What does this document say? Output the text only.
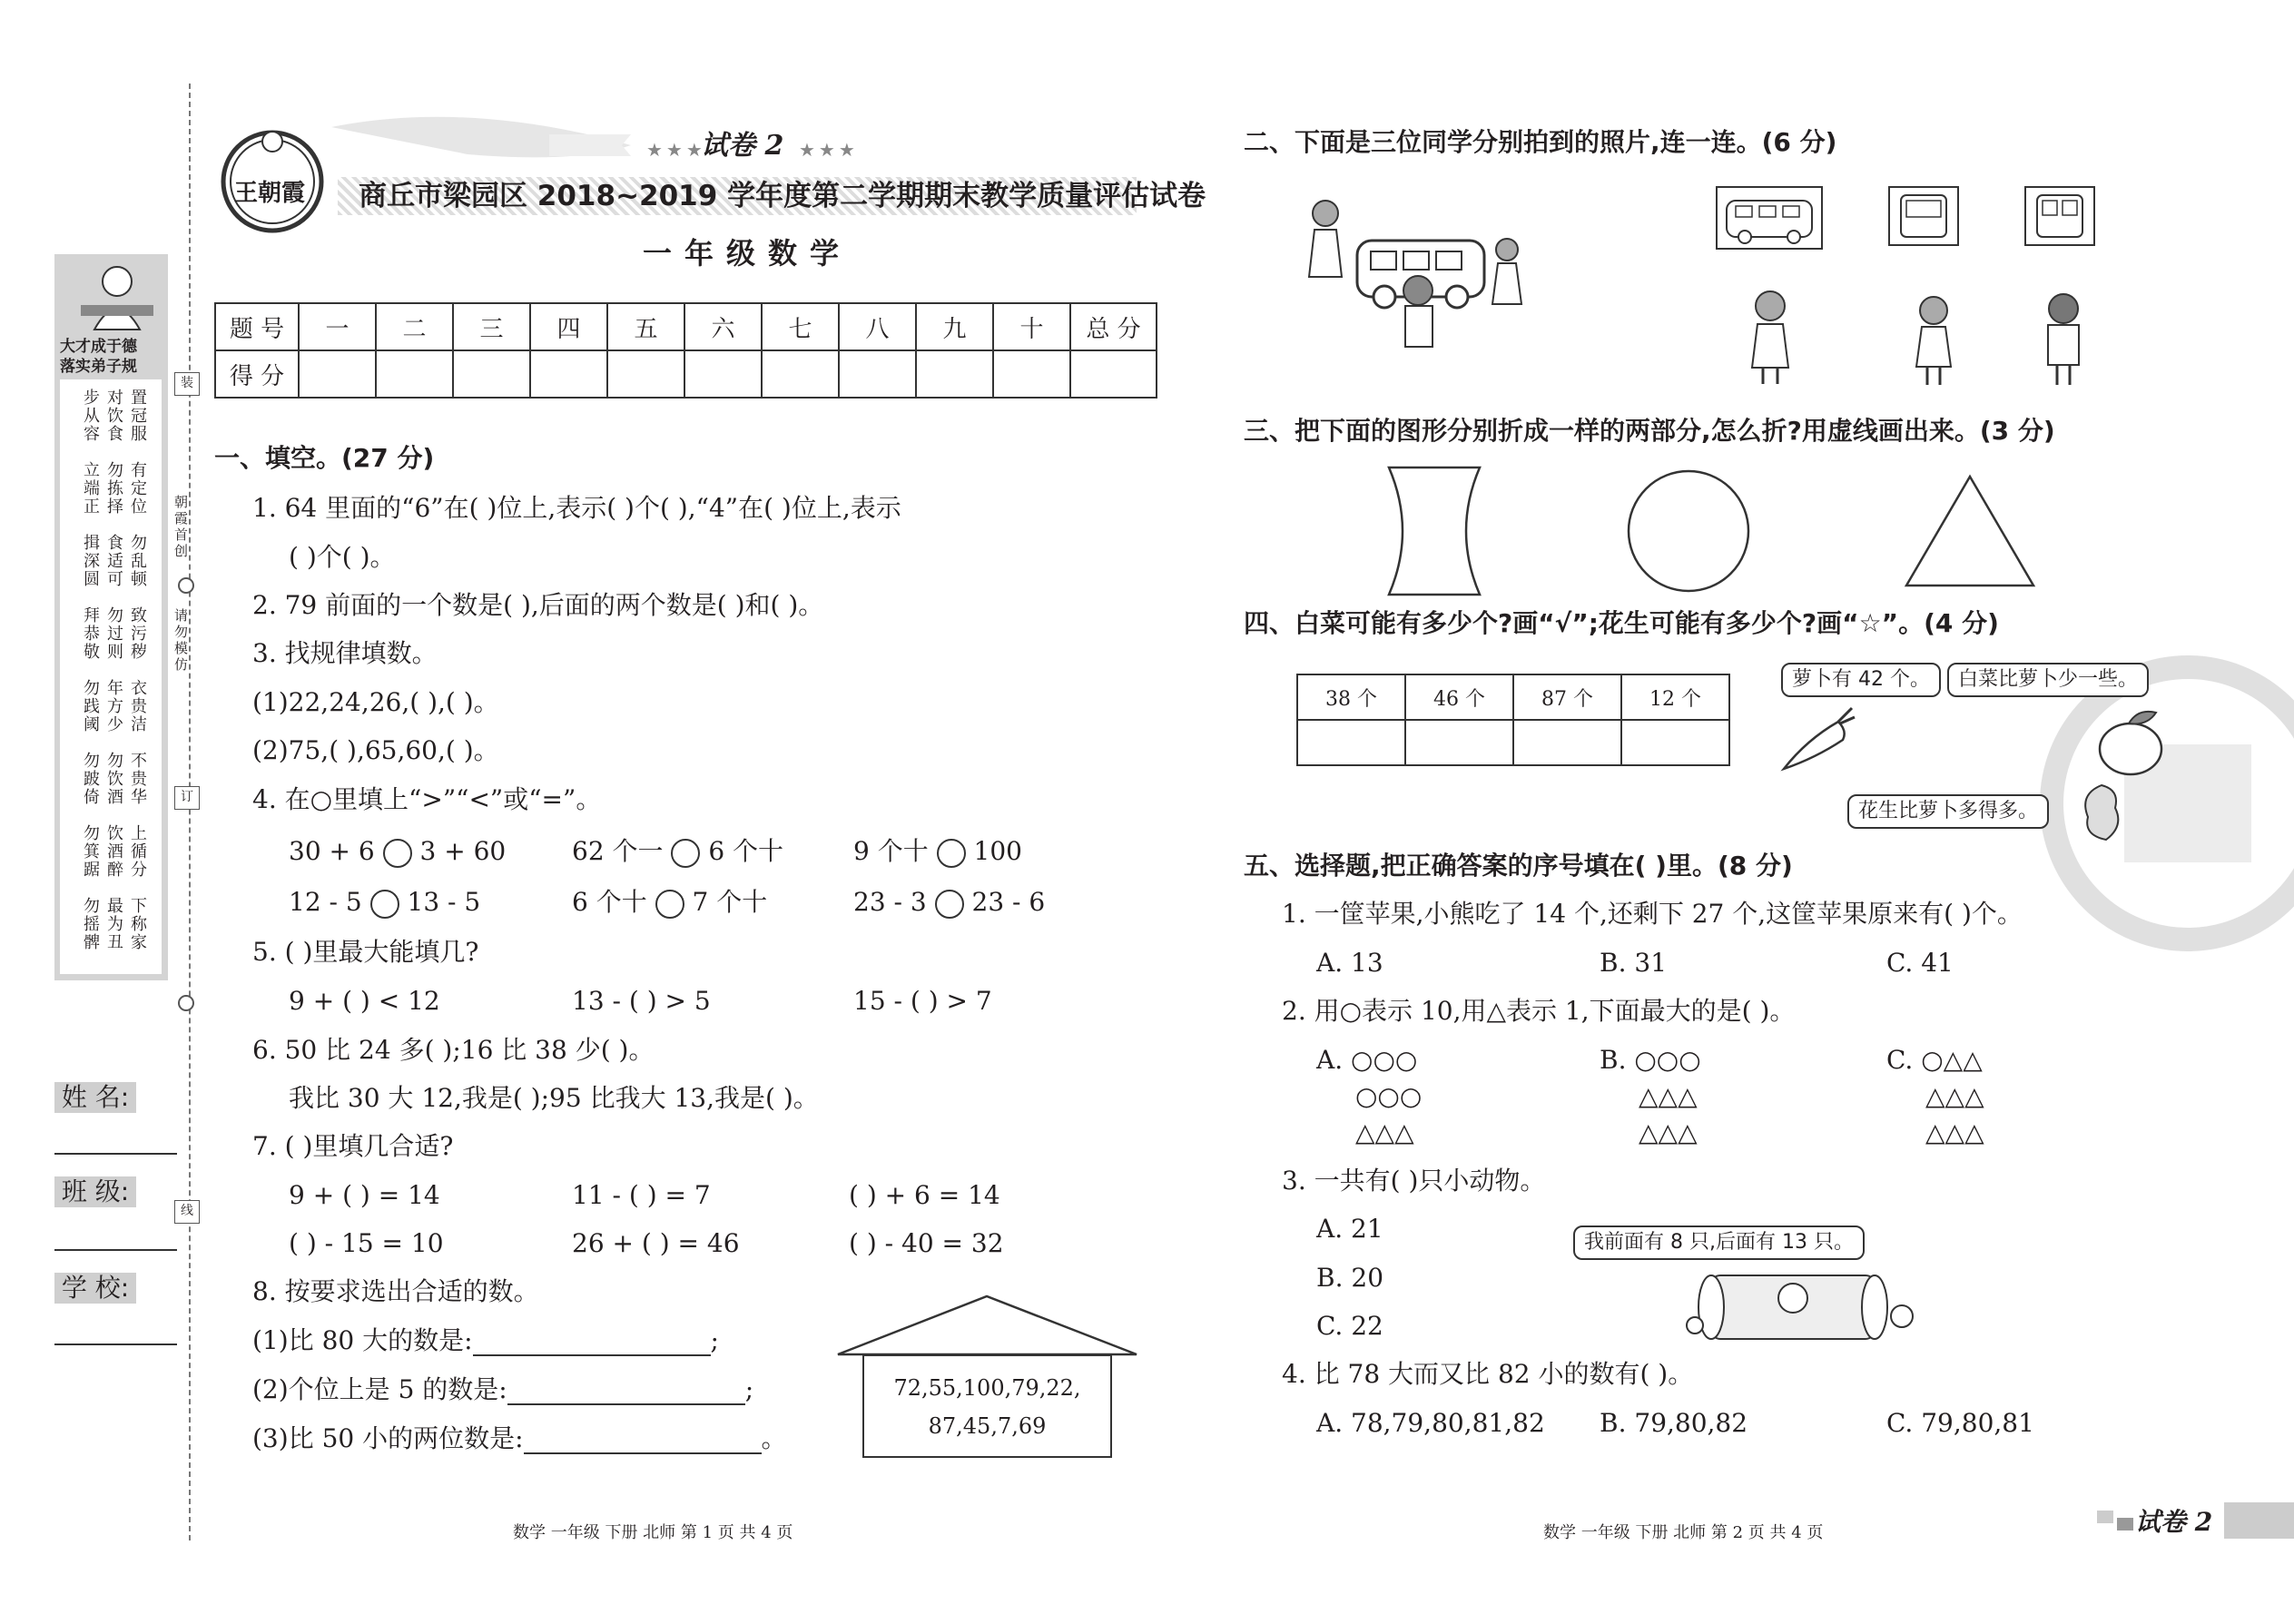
大才成于德
落实弟子规
置冠服
对饮食
步从容
有定位
勿拣择
立端正
勿乱顿
食适可
揖深圆
致污秽
勿过则
拜恭敬
衣贵洁
年方少
勿践阈
不贵华
勿饮酒
勿跛倚
上循分
饮酒醉
勿箕踞
下称家
最为丑
勿摇髀
装
订
线
朝霞首创
请勿模仿
姓 名:
班 级:
学 校:
王朝霞
★★★
试卷 2 ★★★
商丘市梁园区 2018~2019 学年度第二学期期末教学质量评估试卷
一年级数学
题 号	一	二	三	四	五	六	七	八	九	十	总 分
得 分											
一、填空。(27 分)
1. 64 里面的“6”在( )位上,表示( )个( ),“4”在( )位上,表示
( )个( )。
2. 79 前面的一个数是( ),后面的两个数是( )和( )。
3. 找规律填数。
(1)22,24,26,( ),( )。
(2)75,( ),65,60,( )。
4. 在○里填上“>”“<”或“=”。
30 + 6 3 + 60	62 个一 6 个十	9 个十 100
12 - 5 13 - 5	6 个十 7 个十	23 - 3 23 - 6
5. ( )里最大能填几?
9 + ( ) < 12	13 - ( ) > 5	15 - ( ) > 7
6. 50 比 24 多( );16 比 38 少( )。
我比 30 大 12,我是( );95 比我大 13,我是( )。
7. ( )里填几合适?
9 + ( ) = 14	11 - ( ) = 7	( ) + 6 = 14
( ) - 15 = 10	26 + ( ) = 46	( ) - 40 = 32
8. 按要求选出合适的数。
(1)比 80 大的数是:	;
(2)个位上是 5 的数是:	;
(3)比 50 小的两位数是:	。
72,55,100,79,22,
87,45,7,69
二、下面是三位同学分别拍到的照片,连一连。(6 分)
三、把下面的图形分别折成一样的两部分,怎么折?用虚线画出来。(3 分)
四、白菜可能有多少个?画“√”;花生可能有多少个?画“☆”。(4 分)
38 个	46 个	87 个	12 个

萝卜有 42 个。	白菜比萝卜少一些。
花生比萝卜多得多。
五、选择题,把正确答案的序号填在( )里。(8 分)
1. 一筐苹果,小熊吃了 14 个,还剩下 27 个,这筐苹果原来有( )个。
A. 13	B. 31	C. 41
2. 用○表示 10,用△表示 1,下面最大的是( )。
A. ○○○
○○○
△△△
B. ○○○
△△△
△△△
C. ○△△
△△△
△△△
3. 一共有( )只小动物。
A. 21
B. 20
C. 22
我前面有 8 只,后面有 13 只。
4. 比 78 大而又比 82 小的数有( )。
A. 78,79,80,81,82 B. 79,80,82	C. 79,80,81
数学 一年级 下册 北师 第 1 页 共 4 页	数学 一年级 下册 北师 第 2 页 共 4 页	试卷 2
